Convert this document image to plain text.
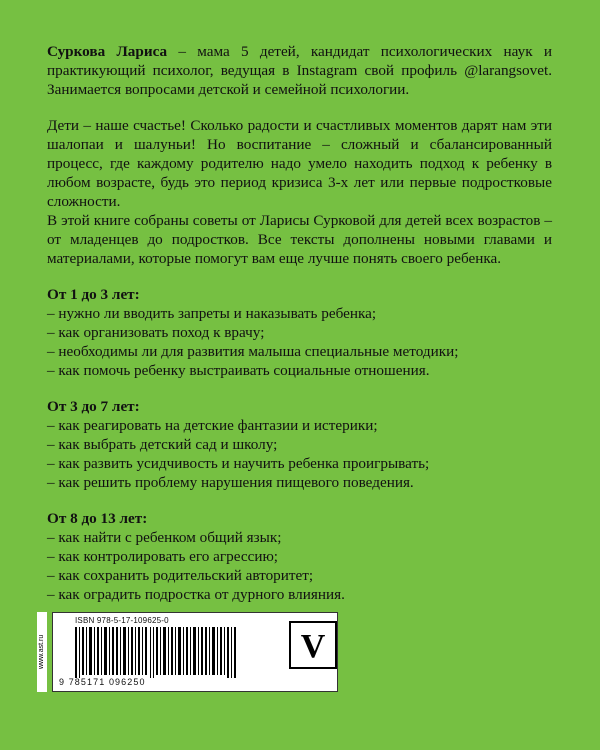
Суркова Лариса – мама 5 детей, кандидат психологических наук и практикующий психолог, ведущая в Instagram свой профиль @larangsovet. Занимается вопросами детской и семейной психологии.

Дети – наше счастье! Сколько радости и счастливых моментов дарят нам эти шалопаи и шалуньи! Но воспитание – сложный и сбалансированный процесс, где каждому родителю надо умело находить подход к ребенку в любом возрасте, будь это период кризиса 3-х лет или первые подростковые сложности.

В этой книге собраны советы от Ларисы Сурковой для детей всех возрастов – от младенцев до подростков. Все тексты дополнены новыми главами и материалами, которые помогут вам еще лучше понять своего ребенка.

От 1 до 3 лет:

– нужно ли вводить запреты и наказывать ребенка;
– как организовать поход к врачу;
– необходимы ли для развития малыша специальные методики;
– как помочь ребенку выстраивать социальные отношения.

От 3 до 7 лет:

– как реагировать на детские фантазии и истерики;
– как выбрать детский сад и школу;
– как развить усидчивость и научить ребенка проигрывать;
– как решить проблему нарушения пищевого поведения.

От 8 до 13 лет:

– как найти с ребенком общий язык;
– как контролировать его агрессию;
– как сохранить родительский авторитет;
– как оградить подростка от дурного влияния.
www.ast.ru
ISBN 978-5-17-109625-0
9 785171 096250
V
